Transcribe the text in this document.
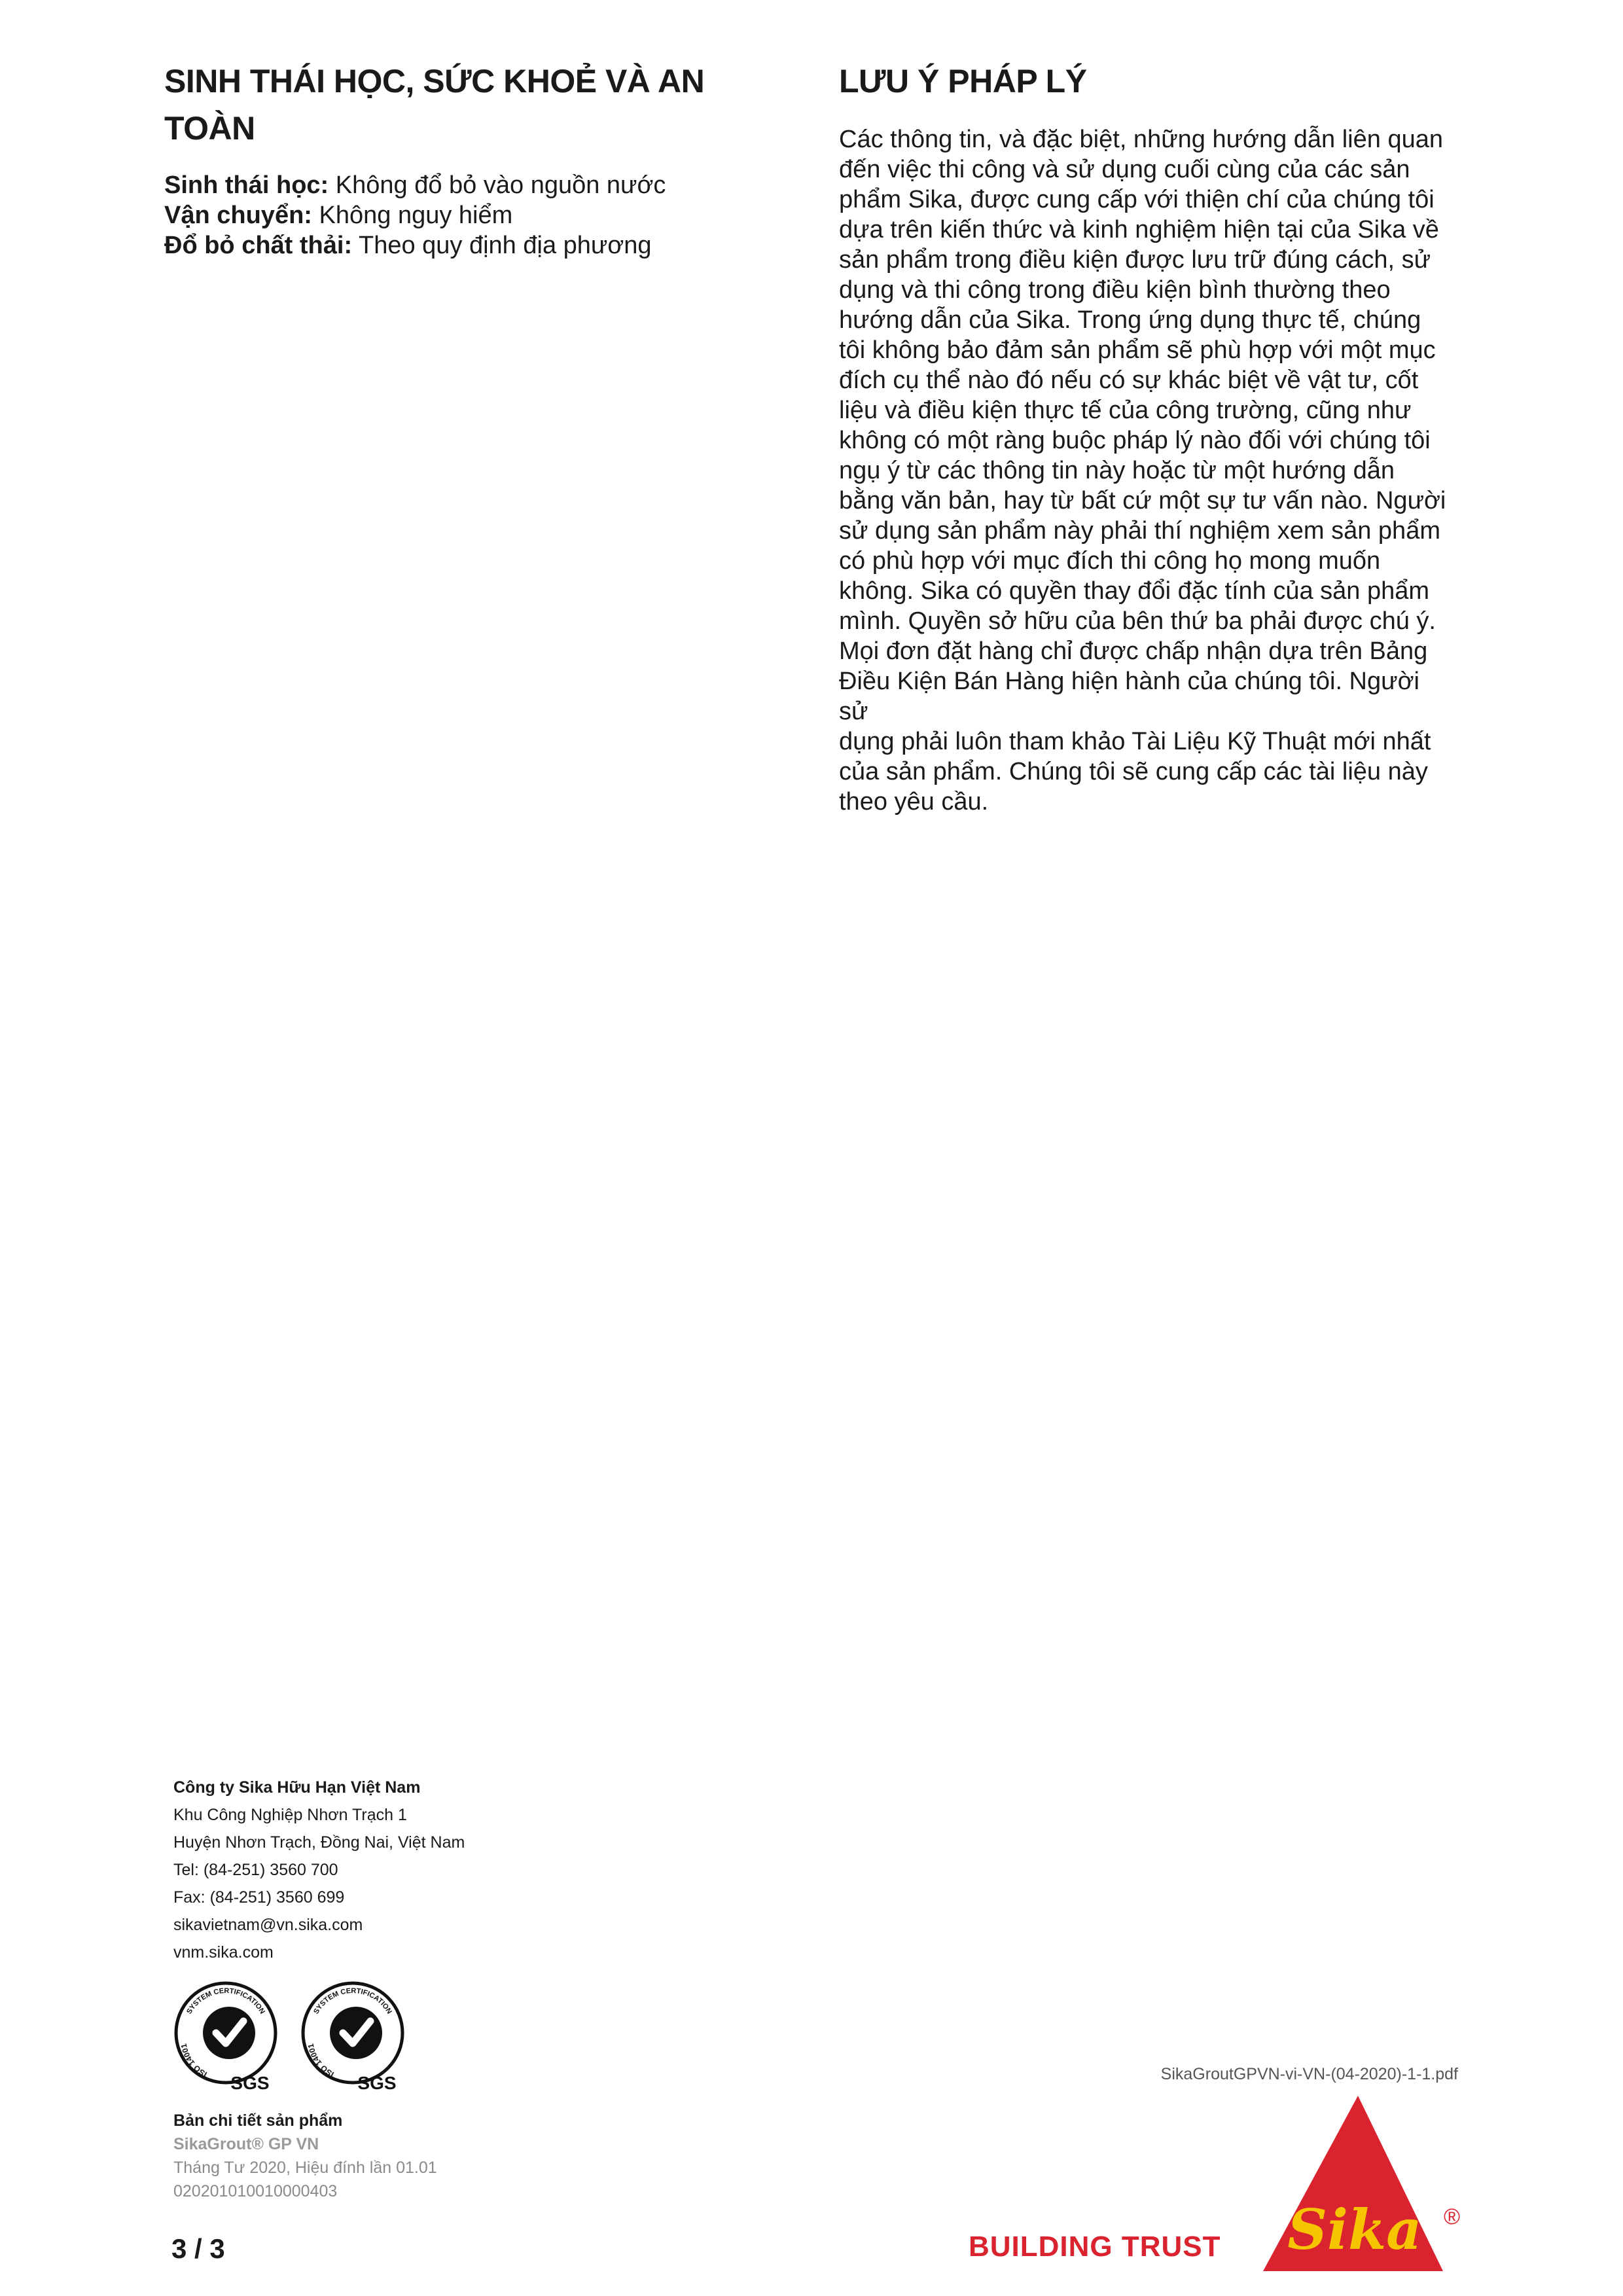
SINH THÁI HỌC, SỨC KHOẺ VÀ AN TOÀN

Sinh thái học: Không đổ bỏ vào nguồn nước

Vận chuyển: Không nguy hiểm

Đổ bỏ chất thải: Theo quy định địa phương

LƯU Ý PHÁP LÝ
Các thông tin, và đặc biệt, những hướng dẫn liên quan
đến việc thi công và sử dụng cuối cùng của các sản
phẩm Sika, được cung cấp với thiện chí của chúng tôi
dựa trên kiến thức và kinh nghiệm hiện tại của Sika về
sản phẩm trong điều kiện được lưu trữ đúng cách, sử
dụng và thi công trong điều kiện bình thường theo
hướng dẫn của Sika. Trong ứng dụng thực tế, chúng
tôi không bảo đảm sản phẩm sẽ phù hợp với một mục
đích cụ thể nào đó nếu có sự khác biệt về vật tư, cốt
liệu và điều kiện thực tế của công trường, cũng như
không có một ràng buộc pháp lý nào đối với chúng tôi
ngụ ý từ các thông tin này hoặc từ một hướng dẫn
bằng văn bản, hay từ bất cứ một sự tư vấn nào. Người
sử dụng sản phẩm này phải thí nghiệm xem sản phẩm
có phù hợp với mục đích thi công họ mong muốn
không. Sika có quyền thay đổi đặc tính của sản phẩm
mình. Quyền sở hữu của bên thứ ba phải được chú ý.
Mọi đơn đặt hàng chỉ được chấp nhận dựa trên Bảng
Điều Kiện Bán Hàng hiện hành của chúng tôi. Người sử
dụng phải luôn tham khảo Tài Liệu Kỹ Thuật mới nhất
của sản phẩm. Chúng tôi sẽ cung cấp các tài liệu này
theo yêu cầu.
Công ty Sika Hữu Hạn Việt Nam
Khu Công Nghiệp Nhơn Trạch 1
Huyện Nhơn Trạch, Đồng Nai, Việt Nam
Tel: (84-251) 3560 700
Fax: (84-251) 3560 699
sikavietnam@vn.sika.com
vnm.sika.com
SYSTEM CERTIFICATION
ISO 14001
SGS
SYSTEM CERTIFICATION
ISO 14001
SGS
Bản chi tiết sản phẩm
SikaGrout® GP VN
Tháng Tư 2020, Hiệu đính lần 01.01
020201010010000403
SikaGroutGPVN-vi-VN-(04-2020)-1-1.pdf
3 / 3	BUILDING TRUST Sika ®
